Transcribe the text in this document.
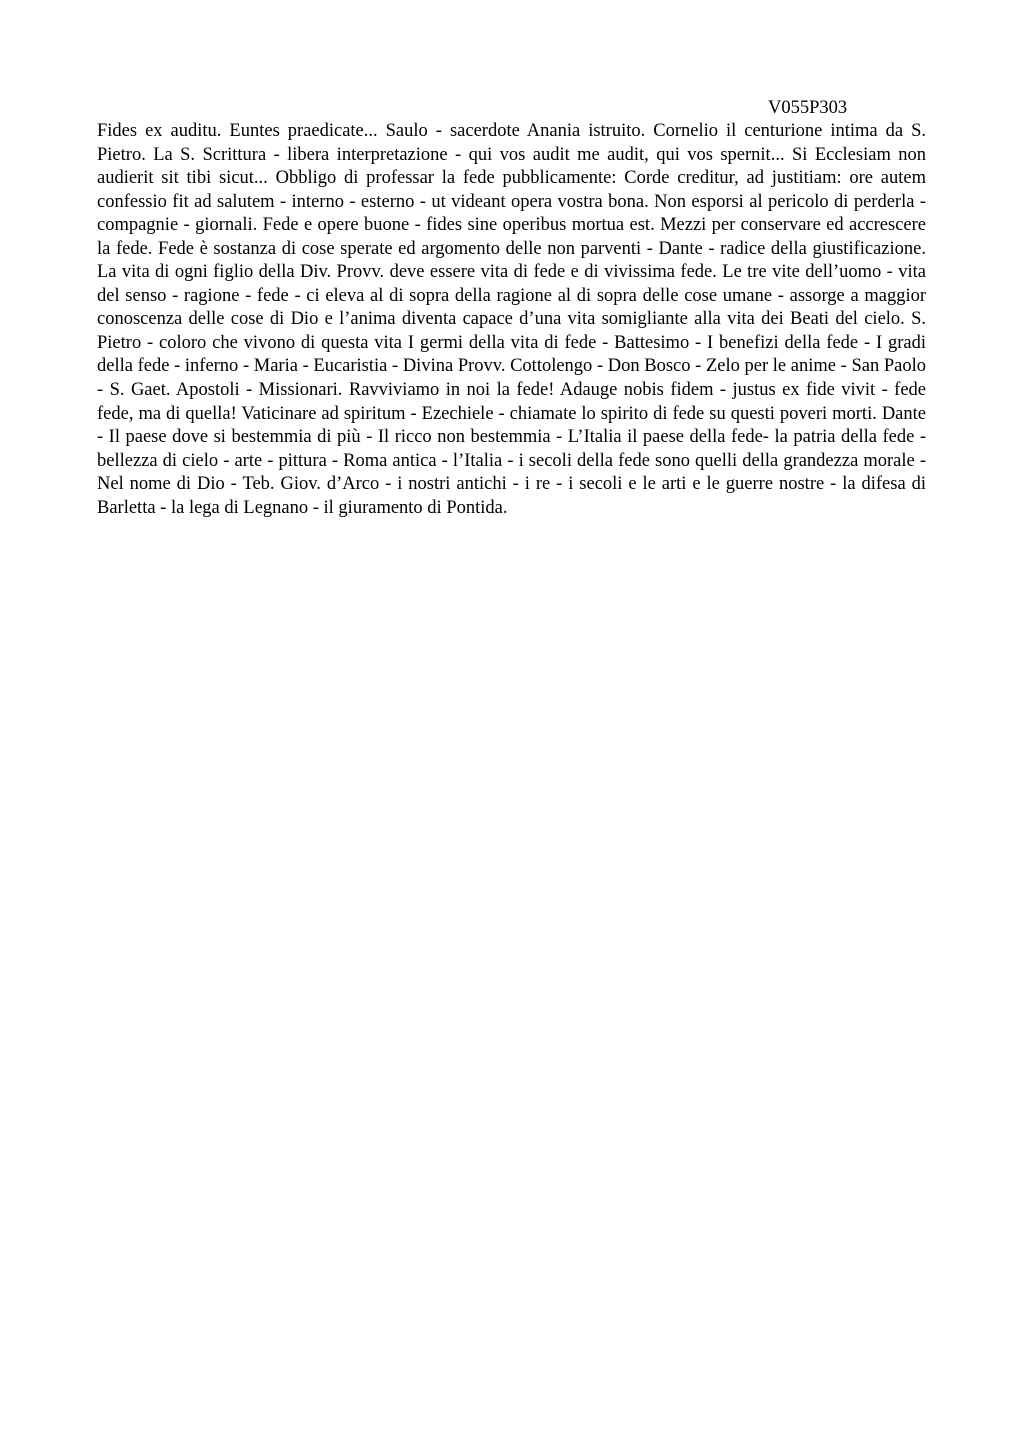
V055P303

Fides ex auditu. Euntes praedicate... Saulo - sacerdote Anania istruito. Cornelio il centurione intima da S. Pietro. La S. Scrittura - libera interpretazione - qui vos audit me audit, qui vos spernit... Si Ecclesiam non audierit sit tibi sicut... Obbligo di professar la fede pubblicamente: Corde creditur, ad justitiam: ore autem confessio fit ad salutem - interno - esterno - ut videant opera vostra bona. Non esporsi al pericolo di perderla - compagnie - giornali. Fede e opere buone - fides sine operibus mortua est. Mezzi per conservare ed accrescere la fede. Fede è sostanza di cose sperate ed argomento delle non parventi - Dante - radice della giustificazione. La vita di ogni figlio della Div. Provv. deve essere vita di fede e di vivissima fede. Le tre vite dell’uomo - vita del senso - ragione - fede - ci eleva al di sopra della ragione al di sopra delle cose umane - assorge a maggior conoscenza delle cose di Dio e l’anima diventa capace d’una vita somigliante alla vita dei Beati del cielo. S. Pietro - coloro che vivono di questa vita I germi della vita di fede - Battesimo - I benefizi della fede - I gradi della fede - inferno - Maria - Eucaristia - Divina Provv. Cottolengo - Don Bosco - Zelo per le anime - San Paolo - S. Gaet. Apostoli - Missionari. Ravviviamo in noi la fede! Adauge nobis fidem - justus ex fide vivit - fede fede, ma di quella! Vaticinare ad spiritum - Ezechiele - chiamate lo spirito di fede su questi poveri morti. Dante - Il paese dove si bestemmia di più - Il ricco non bestemmia - L’Italia il paese della fede- la patria della fede - bellezza di cielo - arte - pittura - Roma antica - l’Italia - i secoli della fede sono quelli della grandezza morale - Nel nome di Dio - Teb. Giov. d’Arco - i nostri antichi - i re - i secoli e le arti e le guerre nostre - la difesa di Barletta - la lega di Legnano - il giuramento di Pontida.
